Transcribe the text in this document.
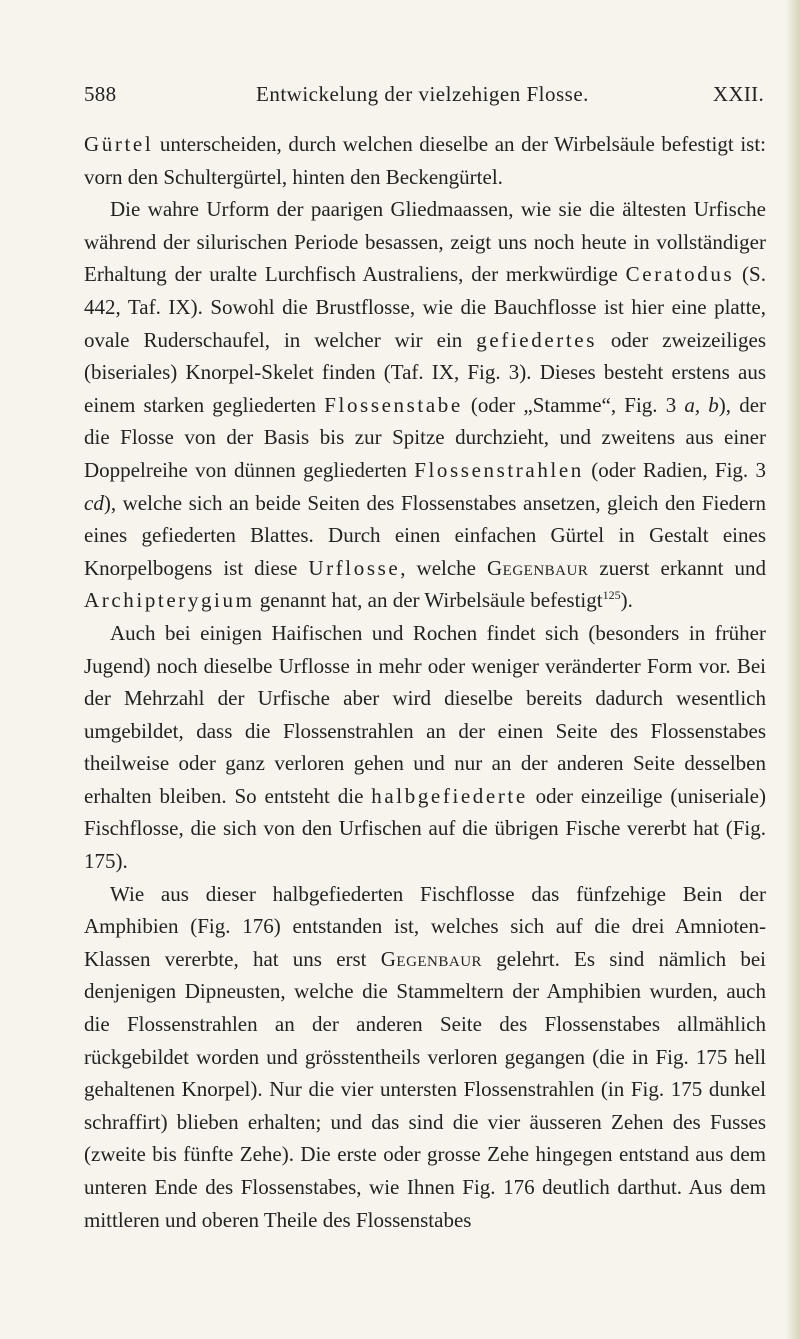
588	Entwickelung der vielzehigen Flosse.	XXII.

Gürtel unterscheiden, durch welchen dieselbe an der Wirbelsäule befestigt ist: vorn den Schultergürtel, hinten den Beckengürtel.

Die wahre Urform der paarigen Gliedmaassen, wie sie die ältesten Urfische während der silurischen Periode besassen, zeigt uns noch heute in vollständiger Erhaltung der uralte Lurchfisch Australiens, der merkwürdige Ceratodus (S. 442, Taf. IX). Sowohl die Brustflosse, wie die Bauchflosse ist hier eine platte, ovale Ruderschaufel, in welcher wir ein gefiedertes oder zweizeiliges (biseriales) Knorpel-Skelet finden (Taf. IX, Fig. 3). Dieses besteht erstens aus einem starken gegliederten Flossenstabe (oder „Stamme“, Fig. 3 a, b), der die Flosse von der Basis bis zur Spitze durchzieht, und zweitens aus einer Doppelreihe von dünnen gegliederten Flossenstrahlen (oder Radien, Fig. 3 cd), welche sich an beide Seiten des Flossenstabes ansetzen, gleich den Fiedern eines gefiederten Blattes. Durch einen einfachen Gürtel in Gestalt eines Knorpelbogens ist diese Urflosse, welche Gegenbaur zuerst erkannt und Archipterygium genannt hat, an der Wirbelsäule befestigt$^{125}$).

Auch bei einigen Haifischen und Rochen findet sich (besonders in früher Jugend) noch dieselbe Urflosse in mehr oder weniger veränderter Form vor. Bei der Mehrzahl der Urfische aber wird dieselbe bereits dadurch wesentlich umgebildet, dass die Flossenstrahlen an der einen Seite des Flossenstabes theilweise oder ganz verloren gehen und nur an der anderen Seite desselben erhalten bleiben. So entsteht die halbgefiederte oder einzeilige (uniseriale) Fischflosse, die sich von den Urfischen auf die übrigen Fische vererbt hat (Fig. 175).

Wie aus dieser halbgefiederten Fischflosse das fünfzehige Bein der Amphibien (Fig. 176) entstanden ist, welches sich auf die drei Amnioten-Klassen vererbte, hat uns erst Gegenbaur gelehrt. Es sind nämlich bei denjenigen Dipneusten, welche die Stammeltern der Amphibien wurden, auch die Flossenstrahlen an der anderen Seite des Flossenstabes allmählich rückgebildet worden und grösstentheils verloren gegangen (die in Fig. 175 hell gehaltenen Knorpel). Nur die vier untersten Flossenstrahlen (in Fig. 175 dunkel schraffirt) blieben erhalten; und das sind die vier äusseren Zehen des Fusses (zweite bis fünfte Zehe). Die erste oder grosse Zehe hingegen entstand aus dem unteren Ende des Flossenstabes, wie Ihnen Fig. 176 deutlich darthut. Aus dem mittleren und oberen Theile des Flossenstabes
